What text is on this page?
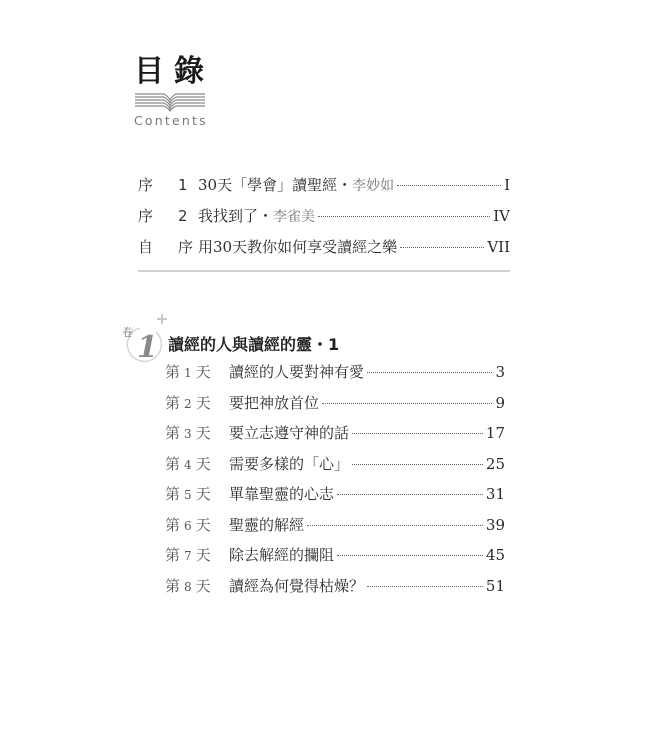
目錄
Contents
序	1 30天「學會」讀聖經・李妙如	I
序	2 我找到了・李雀美	IV
自	序 用30天教你如何享受讀經之樂	VII
卷 1 讀經的人與讀經的靈・1
第 1 天	讀經的人要對神有愛	3
第 2 天	要把神放首位	9
第 3 天	要立志遵守神的話	17
第 4 天	需要多樣的「心」	25
第 5 天	單靠聖靈的心志	31
第 6 天	聖靈的解經	39
第 7 天	除去解經的攔阻	45
第 8 天	讀經為何覺得枯燥？	51
